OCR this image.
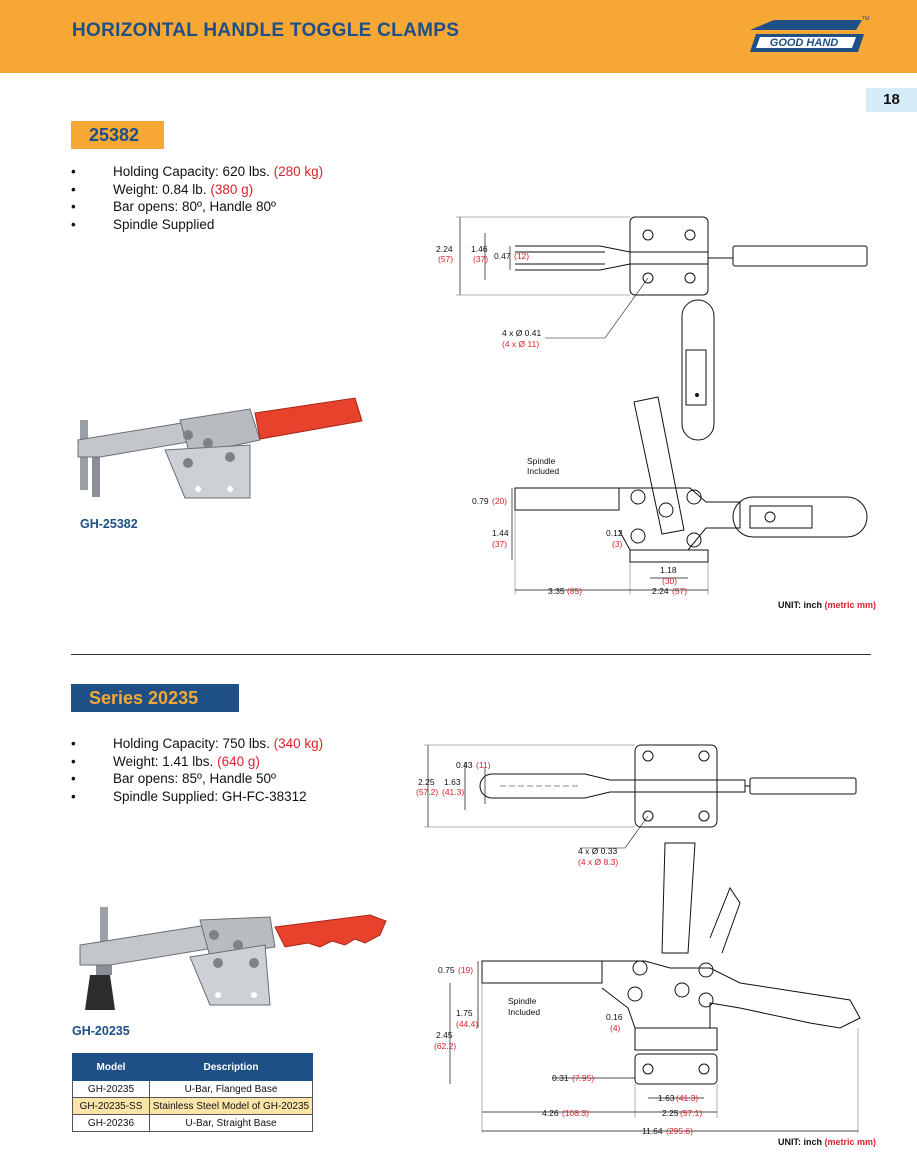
HORIZONTAL HANDLE TOGGLE CLAMPS
GOOD HAND
TM
18
25382
•	Holding Capacity: 620 lbs. (280 kg)
•	Weight: 0.84 lb. (380 g)
•	Bar opens: 80º, Handle 80º
•	Spindle Supplied
GH-25382
2.24
(57)
1.46
(37) 0.47 (12)
4 x Ø 0.41
(4 x Ø 11)
Spindle
Included
0.79 (20)
1.44
(37)
0.12
(3)
1.18
(30)
3.35 (85)	2.24 (57)
UNIT: inch (metric mm)
Series 20235
•	Holding Capacity: 750 lbs. (340 kg)
•	Weight: 1.41 lbs. (640 g)
•	Bar opens: 85º, Handle 50º
•	Spindle Supplied: GH-FC-38312
GH-20235
Model	Description
GH-20235	U-Bar, Flanged Base
GH-20235-SS	Stainless Steel Model of GH-20235
GH-20236	U-Bar, Straight Base
0.43 (11)
2.25
(57.2)
1.63
(41.3)
4 x Ø 0.33
(4 x Ø 8.3)
Spindle
Included
0.75 (19)
1.75
(44.4)
0.16
(4)
2.45
(62.2)
0.31 (7.95)
1.63 (41.3)
4.26 (108.3)	2.25 (57.1)
11.64 (295.6)
UNIT: inch (metric mm)
